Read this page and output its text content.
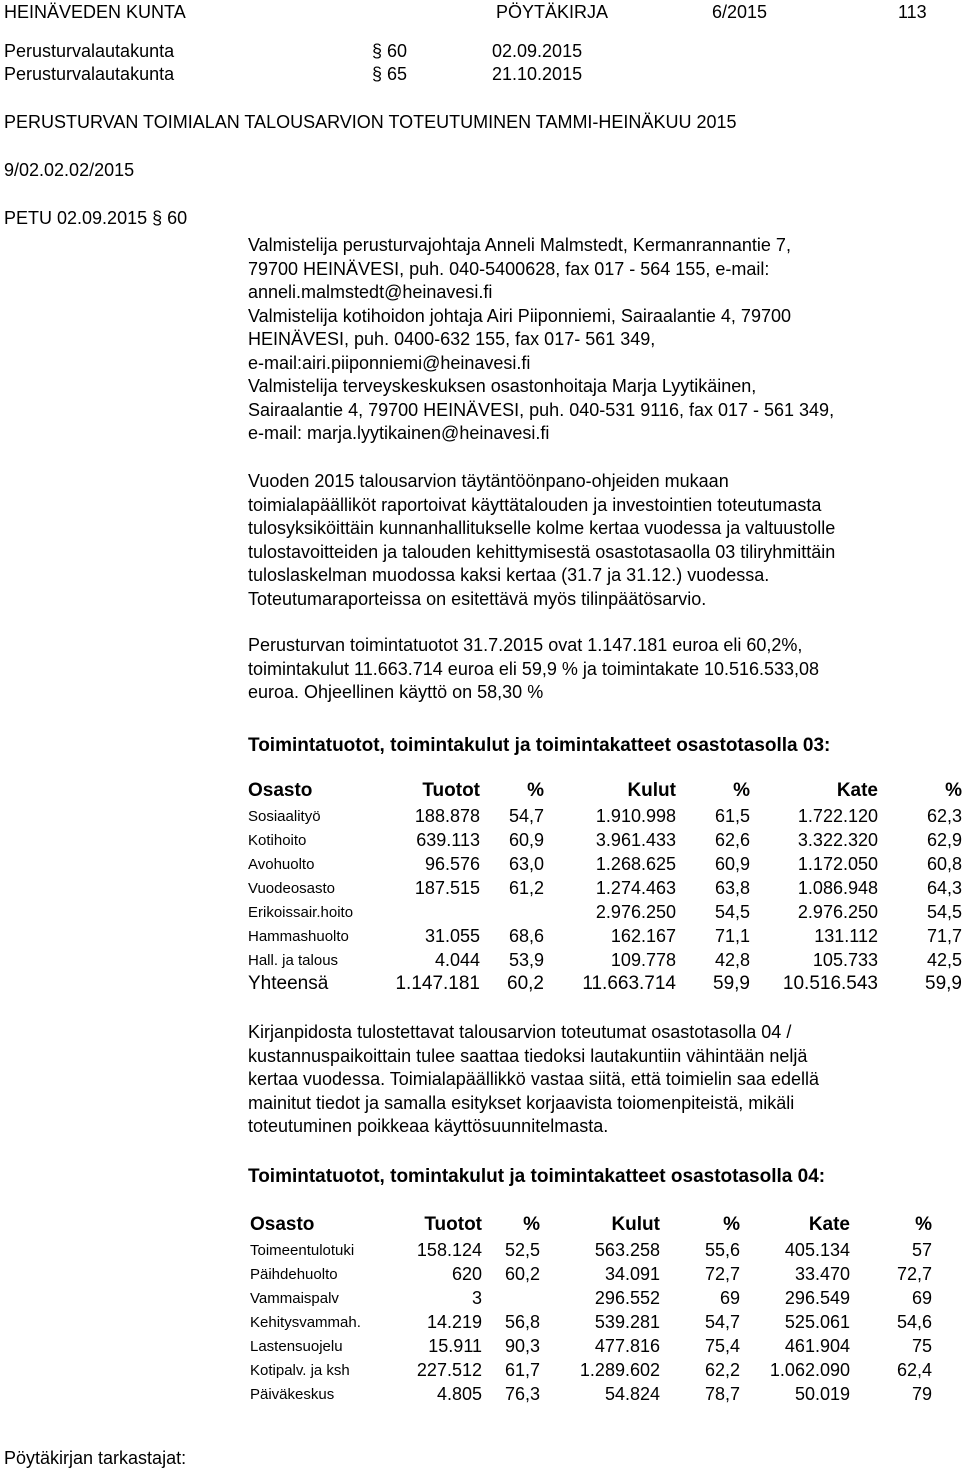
HEINÄVEDEN KUNTA	PÖYTÄKIRJA	6/2015	113
Perusturvalautakunta	§ 60	02.09.2015
Perusturvalautakunta	§ 65	21.10.2015
PERUSTURVAN TOIMIALAN TALOUSARVION TOTEUTUMINEN TAMMI-HEINÄKUU 2015
9/02.02.02/2015
PETU 02.09.2015 § 60
Valmistelija perusturvajohtaja Anneli Malmstedt, Kermanrannantie 7,
79700 HEINÄVESI, puh. 040-5400628, fax 017 - 564 155, e-mail:
anneli.malmstedt@heinavesi.fi
Valmistelija kotihoidon johtaja Airi Piiponniemi, Sairaalantie 4, 79700
HEINÄVESI, puh. 0400-632 155, fax 017- 561 349,
e-mail:airi.piiponniemi@heinavesi.fi
Valmistelija terveyskeskuksen osastonhoitaja Marja Lyytikäinen,
Sairaalantie 4, 79700 HEINÄVESI, puh. 040-531 9116, fax 017 - 561 349,
e-mail: marja.lyytikainen@heinavesi.fi
Vuoden 2015 talousarvion täytäntöönpano-ohjeiden mukaan
toimialapäälliköt raportoivat käyttätalouden ja investointien toteutumasta
tulosyksiköittäin kunnanhallitukselle kolme kertaa vuodessa ja valtuustolle
tulostavoitteiden ja talouden kehittymisestä osastotasaolla 03 tiliryhmittäin
tuloslaskelman muodossa kaksi kertaa (31.7 ja 31.12.) vuodessa.
Toteutumaraporteissa on esitettävä myös tilinpäätösarvio.
Perusturvan toimintatuotot 31.7.2015 ovat 1.147.181 euroa eli 60,2%,
toimintakulut 11.663.714 euroa eli 59,9 % ja toimintakate 10.516.533,08
euroa. Ohjeellinen käyttö on 58,30 %
Toimintatuotot, toimintakulut ja toimintakatteet osastotasolla 03:
Osasto	Tuotot	%	Kulut	%	Kate	%
Sosiaalityö	188.878	54,7	1.910.998	61,5	1.722.120	62,3
Kotihoito	639.113	60,9	3.961.433	62,6	3.322.320	62,9
Avohuolto	96.576	63,0	1.268.625	60,9	1.172.050	60,8
Vuodeosasto	187.515	61,2	1.274.463	63,8	1.086.948	64,3
Erikoissair.hoito			2.976.250	54,5	2.976.250	54,5
Hammashuolto	31.055	68,6	162.167	71,1	131.112	71,7
Hall. ja talous	4.044	53,9	109.778	42,8	105.733	42,5
Yhteensä	1.147.181	60,2	11.663.714	59,9	10.516.543	59,9
Kirjanpidosta tulostettavat talousarvion toteutumat osastotasolla 04 /
kustannuspaikoittain tulee saattaa tiedoksi lautakuntiin vähintään neljä
kertaa vuodessa. Toimialapäällikkö vastaa siitä, että toimielin saa edellä
mainitut tiedot ja samalla esitykset korjaavista toiomenpiteistä, mikäli
toteutuminen poikkeaa käyttösuunnitelmasta.
Toimintatuotot, tomintakulut ja toimintakatteet osastotasolla 04:
Osasto	Tuotot	%	Kulut	%	Kate	%
Toimeentulotuki	158.124	52,5	563.258	55,6	405.134	57
Päihdehuolto	620	60,2	34.091	72,7	33.470	72,7
Vammaispalv	3		296.552	69	296.549	69
Kehitysvammah.	14.219	56,8	539.281	54,7	525.061	54,6
Lastensuojelu	15.911	90,3	477.816	75,4	461.904	75
Kotipalv. ja ksh	227.512	61,7	1.289.602	62,2	1.062.090	62,4
Päiväkeskus	4.805	76,3	54.824	78,7	50.019	79
Pöytäkirjan tarkastajat:
